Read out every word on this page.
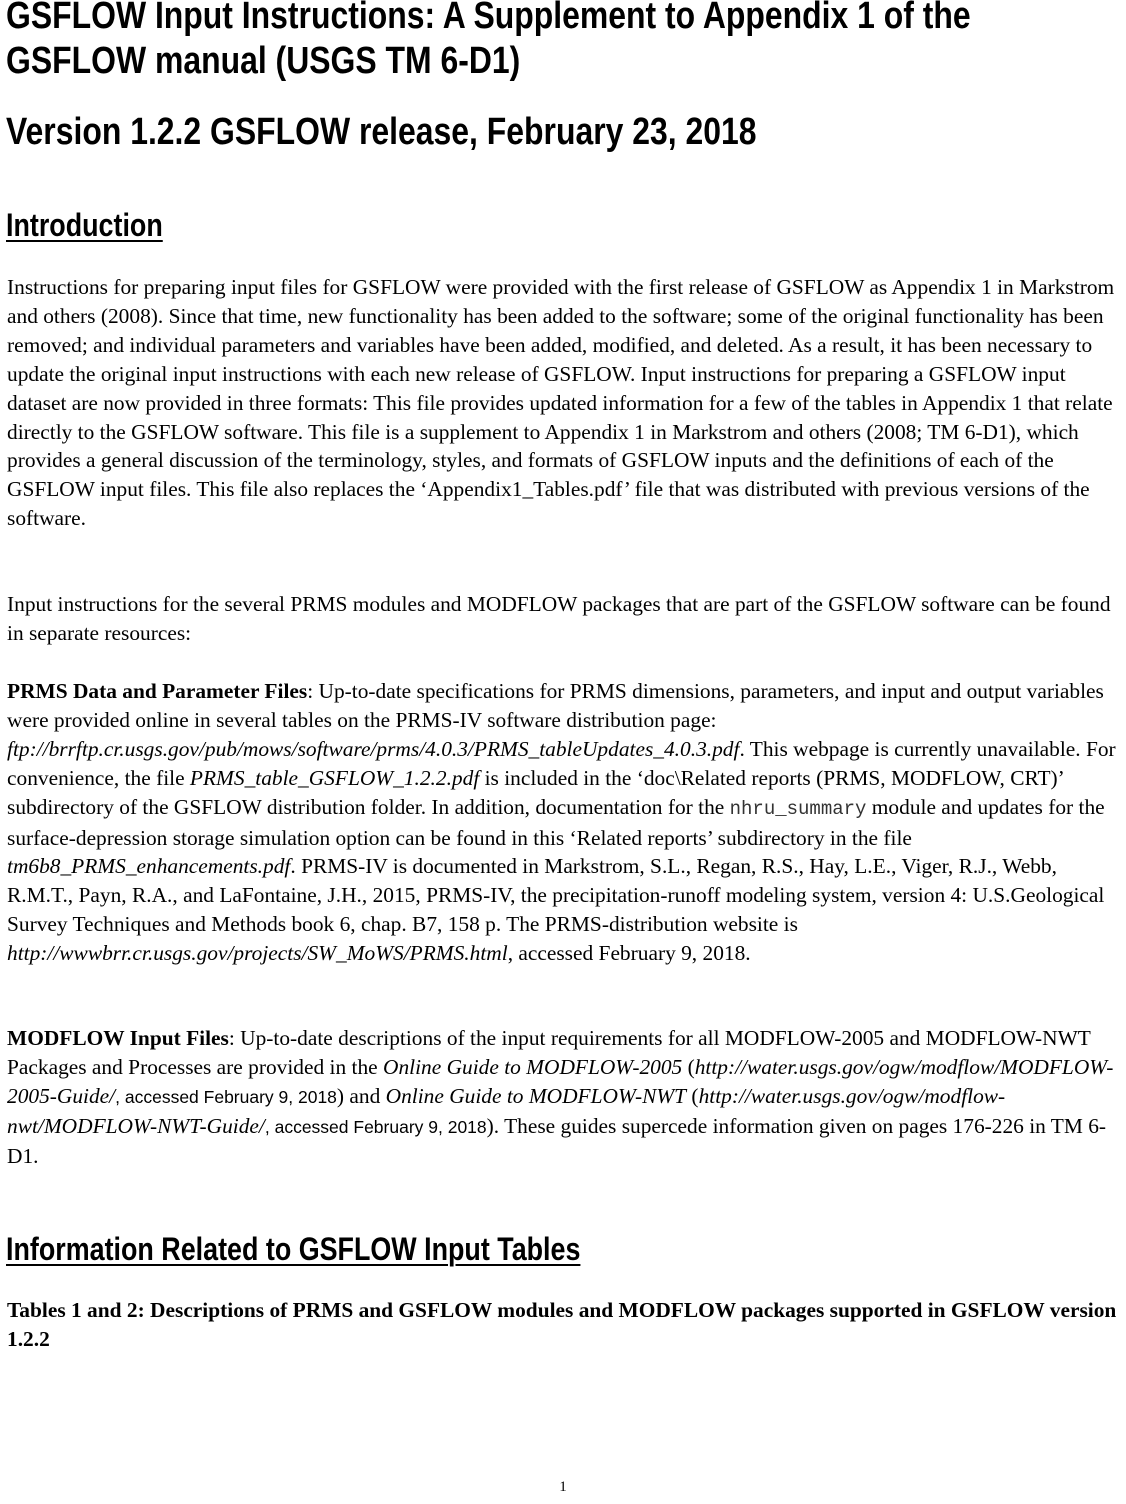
GSFLOW Input Instructions: A Supplement to Appendix 1 of the
GSFLOW manual (USGS TM 6-D1)
Version 1.2.2 GSFLOW release, February 23, 2018
Introduction

Instructions for preparing input files for GSFLOW were provided with the first release of GSFLOW as Appendix 1 in Markstrom and others (2008). Since that time, new functionality has been added to the software; some of the original functionality has been removed; and individual parameters and variables have been added, modified, and deleted. As a result, it has been necessary to update the original input instructions with each new release of GSFLOW. Input instructions for preparing a GSFLOW input dataset are now provided in three formats: This file provides updated information for a few of the tables in Appendix 1 that relate directly to the GSFLOW software. This file is a supplement to Appendix 1 in Markstrom and others (2008; TM 6-D1), which provides a general discussion of the terminology, styles, and formats of GSFLOW inputs and the definitions of each of the GSFLOW input files. This file also replaces the ‘Appendix1_Tables.pdf’ file that was distributed with previous versions of the software.

Input instructions for the several PRMS modules and MODFLOW packages that are part of the GSFLOW software can be found in separate resources:

PRMS Data and Parameter Files: Up-to-date specifications for PRMS dimensions, parameters, and input and output variables were provided online in several tables on the PRMS-IV software distribution page: ftp://brrftp.cr.usgs.gov/pub/mows/software/prms/4.0.3/PRMS_tableUpdates_4.0.3.pdf. This webpage is currently unavailable. For convenience, the file PRMS_table_GSFLOW_1.2.2.pdf is included in the ‘doc\Related reports (PRMS, MODFLOW, CRT)’ subdirectory of the GSFLOW distribution folder. In addition, documentation for the nhru_summary module and updates for the surface-depression storage simulation option can be found in this ‘Related reports’ subdirectory in the file tm6b8_PRMS_enhancements.pdf. PRMS-IV is documented in Markstrom, S.L., Regan, R.S., Hay, L.E., Viger, R.J., Webb, R.M.T., Payn, R.A., and LaFontaine, J.H., 2015, PRMS-IV, the precipitation-runoff modeling system, version 4: U.S.Geological Survey Techniques and Methods book 6, chap. B7, 158 p. The PRMS-distribution website is http://wwwbrr.cr.usgs.gov/projects/SW_MoWS/PRMS.html, accessed February 9, 2018.

MODFLOW Input Files: Up-to-date descriptions of the input requirements for all MODFLOW-2005 and MODFLOW-NWT Packages and Processes are provided in the Online Guide to MODFLOW-2005 (http://water.usgs.gov/ogw/modflow/MODFLOW-2005-Guide/, accessed February 9, 2018) and Online Guide to MODFLOW-NWT (http://water.usgs.gov/ogw/modflow-nwt/MODFLOW-NWT-Guide/, accessed February 9, 2018). These guides supercede information given on pages 176-226 in TM 6-D1.

Information Related to GSFLOW Input Tables

Tables 1 and 2: Descriptions of PRMS and GSFLOW modules and MODFLOW packages supported in GSFLOW version 1.2.2

1
